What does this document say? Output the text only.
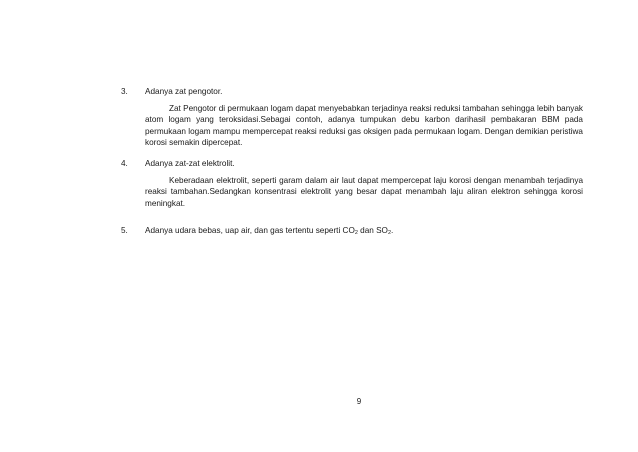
3.	Adanya zat pengotor.

Zat Pengotor di permukaan logam dapat menyebabkan terjadinya reaksi reduksi tambahan sehingga lebih banyak atom logam yang teroksidasi.Sebagai contoh, adanya tumpukan debu karbon darihasil pembakaran BBM pada permukaan logam mampu mempercepat reaksi reduksi gas oksigen pada permukaan logam. Dengan demikian peristiwa korosi semakin dipercepat.

4.	Adanya zat-zat elektrolit.

Keberadaan elektrolit, seperti garam dalam air laut dapat mempercepat laju korosi dengan menambah terjadinya reaksi tambahan.Sedangkan konsentrasi elektrolit yang besar dapat menambah laju aliran elektron sehingga korosi meningkat.

5.	Adanya udara bebas, uap air, dan gas tertentu seperti CO2 dan SO2.
9
